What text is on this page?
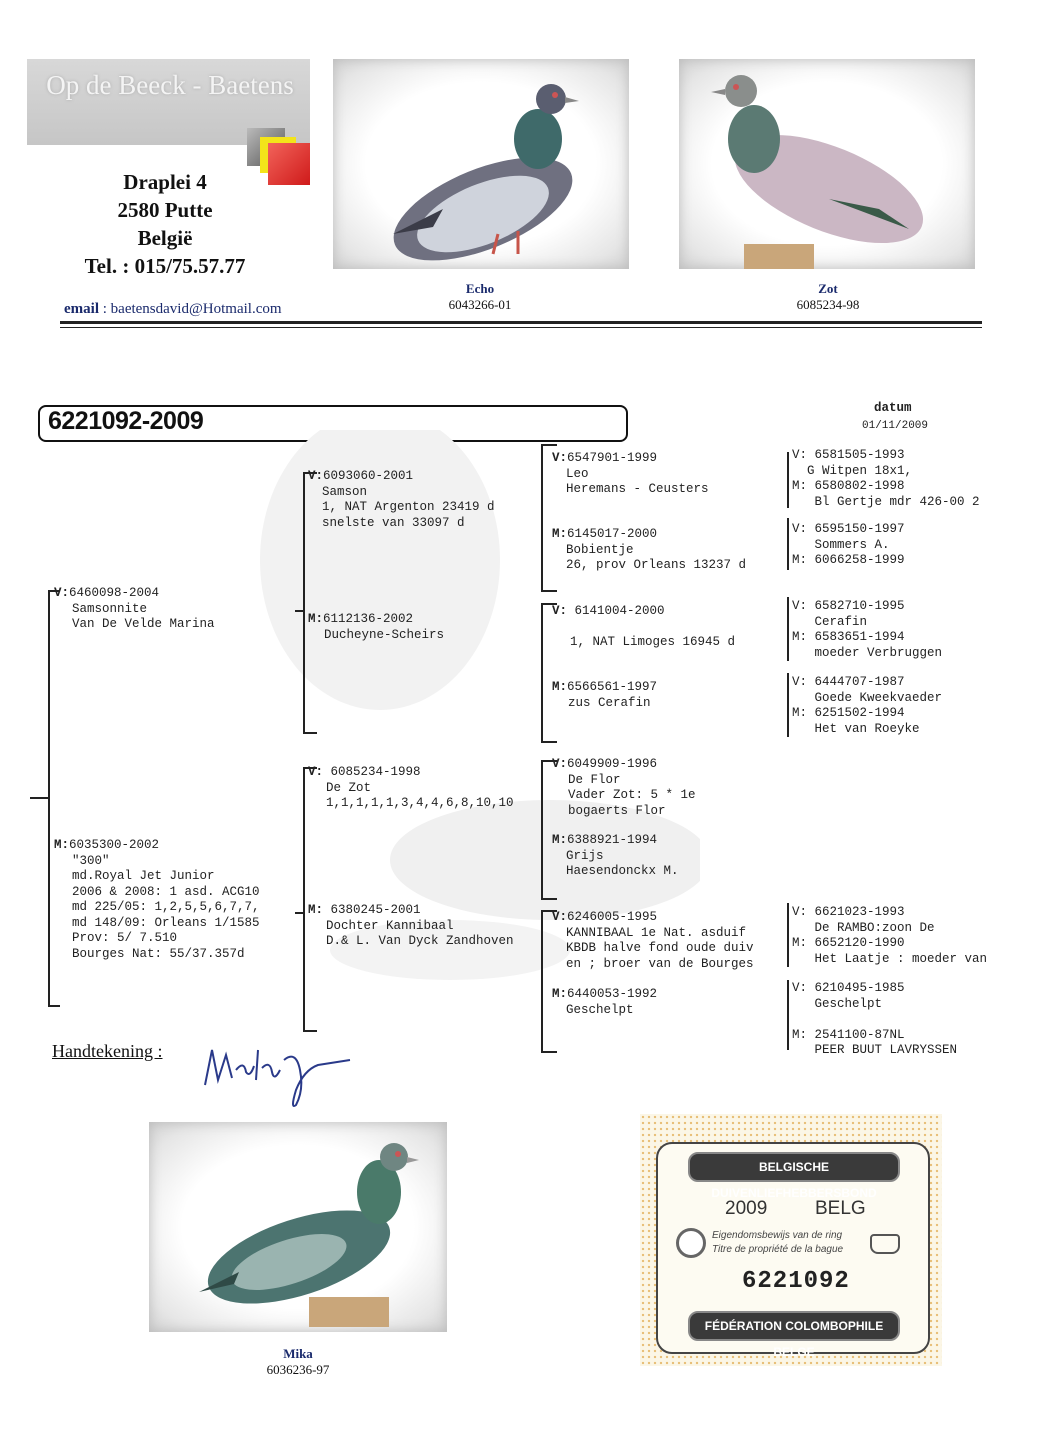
Op de Beeck - Baetens
Draplei 4
2580 Putte
België
Tel. : 015/75.57.77
email : baetensdavid@Hotmail.com
Echo
6043266-01
Zot
6085234-98
6221092-2009	datum
01/11/2009
V:6460098-2004
Samsonnite
Van De Velde Marina
M:6035300-2002
"300"
md.Royal Jet Junior
2006 & 2008: 1 asd. ACG10
md 225/05: 1,2,5,5,6,7,7,
md 148/09: Orleans 1/1585
Prov: 5/ 7.510
Bourges Nat: 55/37.357d
V:6093060-2001
Samson
1, NAT Argenton 23419 d
snelste van 33097 d
M:6112136-2002
Ducheyne-Scheirs
V: 6085234-1998
De Zot
1,1,1,1,1,3,4,4,6,8,10,10
M: 6380245-2001
Dochter Kannibaal
D.& L. Van Dyck Zandhoven
V:6547901-1999
Leo
Heremans - Ceusters
M:6145017-2000
Bobientje
26, prov Orleans 13237 d
V: 6141004-2000

1, NAT Limoges 16945 d
M:6566561-1997
zus Cerafin
V:6049909-1996
De Flor
Vader Zot: 5 * 1e
bogaerts Flor
M:6388921-1994
Grijs
Haesendonckx M.
V:6246005-1995
KANNIBAAL 1e Nat. asduif
KBDB halve fond oude duiv
en ; broer van de Bourges
M:6440053-1992
Geschelpt
V: 6581505-1993
G Witpen 18x1,
M: 6580802-1998
Bl Gertje mdr 426-00 2
V: 6595150-1997
Sommers A.
M: 6066258-1999
V: 6582710-1995
Cerafin
M: 6583651-1994
moeder Verbruggen
V: 6444707-1987
Goede Kweekvaeder
M: 6251502-1994
Het van Roeyke
V: 6621023-1993
De RAMBO:zoon De
M: 6652120-1990
Het Laatje : moeder van
V: 6210495-1985
Geschelpt

M: 2541100-87NL
PEER BUUT LAVRYSSEN
Handtekening :
Mika
6036236-97
BELGISCHE DUIVENLIEFHEBBERSBOND
2009	BELG
Eigendomsbewijs van de ring
Titre de propriété de la bague
6221092
FÉDÉRATION COLOMBOPHILE BELGE
